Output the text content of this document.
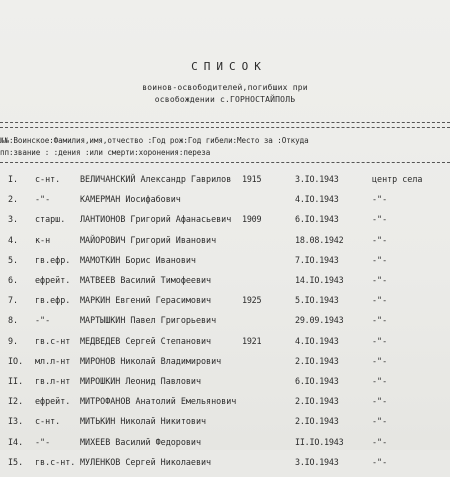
СПИСОК
воинов-освободителей,погибших при
освобождении с.ГОРНОСТАЙПОЛЬ
№№:Воинское:Фамилия,имя,отчество :Год рож:Год гибели:Место за :Откуда
пп:звание : :дения :или смерти:хоронения:переза
I. с-нт. ВЕЛИЧАНСКИЙ Александр Гаврилов 1915	3.IO.1943	центр села
2. -"-	КАМЕРМАН Иосифабович	4.IO.1943	-"-
3. старш. ЛАНТИОНОВ Григорий Афанасьевич 1909	6.IO.1943	-"-
4. к-н	МАЙОРОВИЧ Григорий Иванович	18.08.1942	-"-
5. гв.ефр. МАМОТКИН Борис Иванович	7.IO.1943	-"-
6. ефрейт. МАТВЕЕВ Василий Тимофеевич	14.IO.1943	-"-
7. гв.ефр. МАРКИН Евгений Герасимович	1925	5.IO.1943	-"-
8. -"-	МАРТЫШКИН Павел Григорьевич	29.09.1943	-"-
9. гв.с-нт МЕДВЕДЕВ Сергей Степанович	1921	4.IO.1943	-"-
IO. мл.л-нт МИРОНОВ Николай Владимирович	2.IO.1943	-"-
II. гв.л-нт МИРОШКИН Леонид Павлович	6.IO.1943	-"-
I2. ефрейт. МИТРОФАНОВ Анатолий Емельянович	2.IO.1943	-"-
I3. с-нт. МИТЬКИН Николай Никитович	2.IO.1943	-"-
I4. -"-	МИХЕЕВ Василий Федорович	II.IO.1943	-"-
I5. гв.с-нт. МУЛЕНКОВ Сергей Николаевич	3.IO.1943	-"-
